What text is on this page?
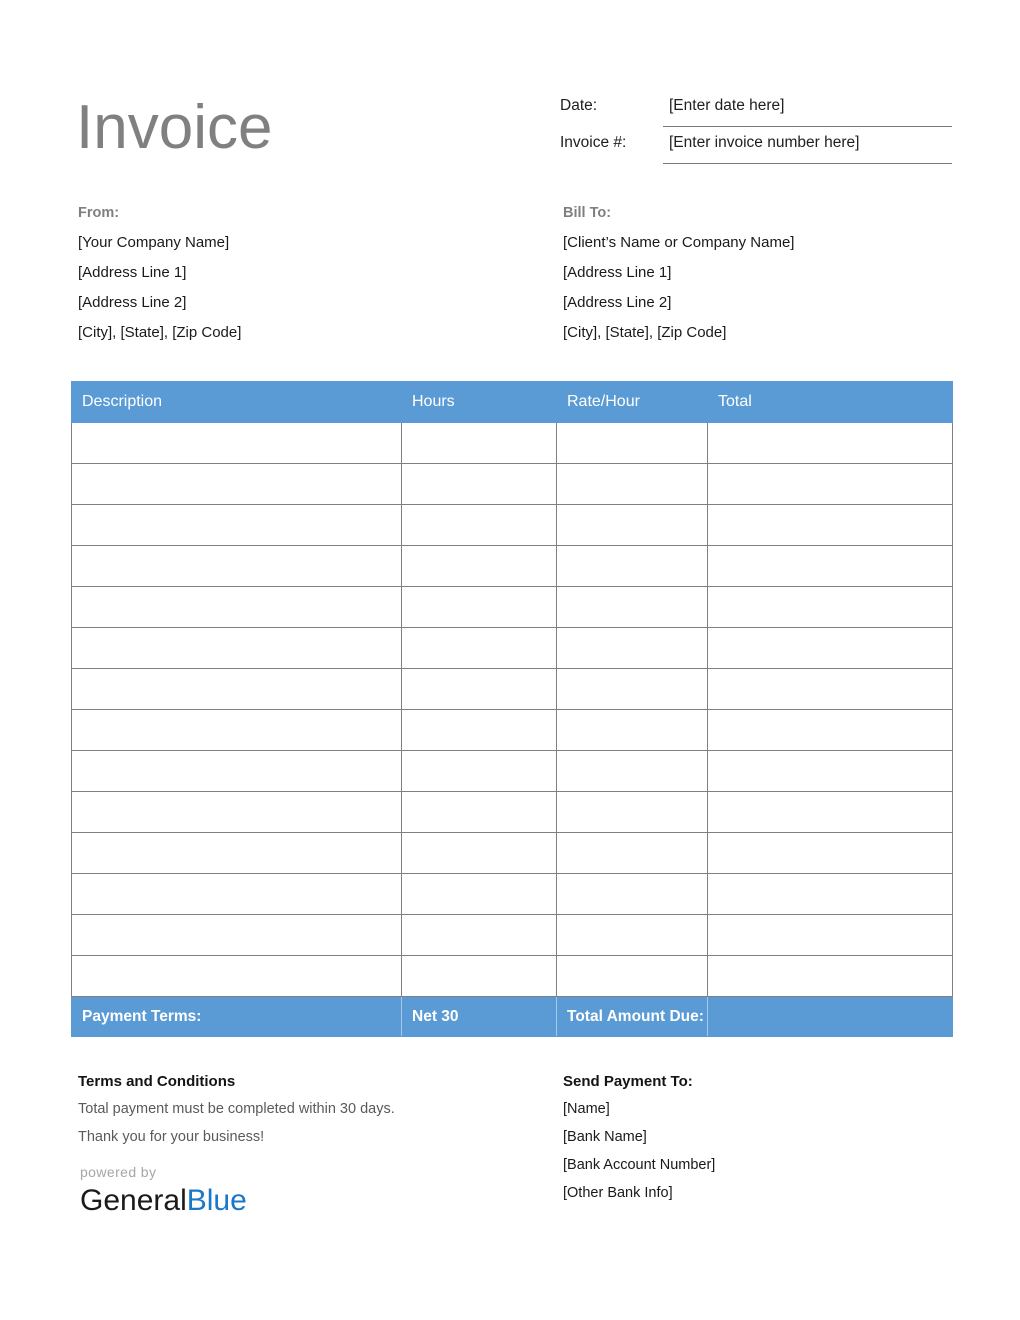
Invoice	Date:	[Enter date here]
Invoice #:	[Enter invoice number here]
From:
[Your Company Name]
[Address Line 1]
[Address Line 2]
[City], [State], [Zip Code]
Bill To:
[Client’s Name or Company Name]
[Address Line 1]
[Address Line 2]
[City], [State], [Zip Code]
Description	Hours	Rate/Hour	Total

Payment Terms:	Net 30	Total Amount Due:	
Terms and Conditions
Total payment must be completed within 30 days.
Thank you for your business!
Send Payment To:
[Name]
[Bank Name]
[Bank Account Number]
[Other Bank Info]
powered by
GeneralBlue
